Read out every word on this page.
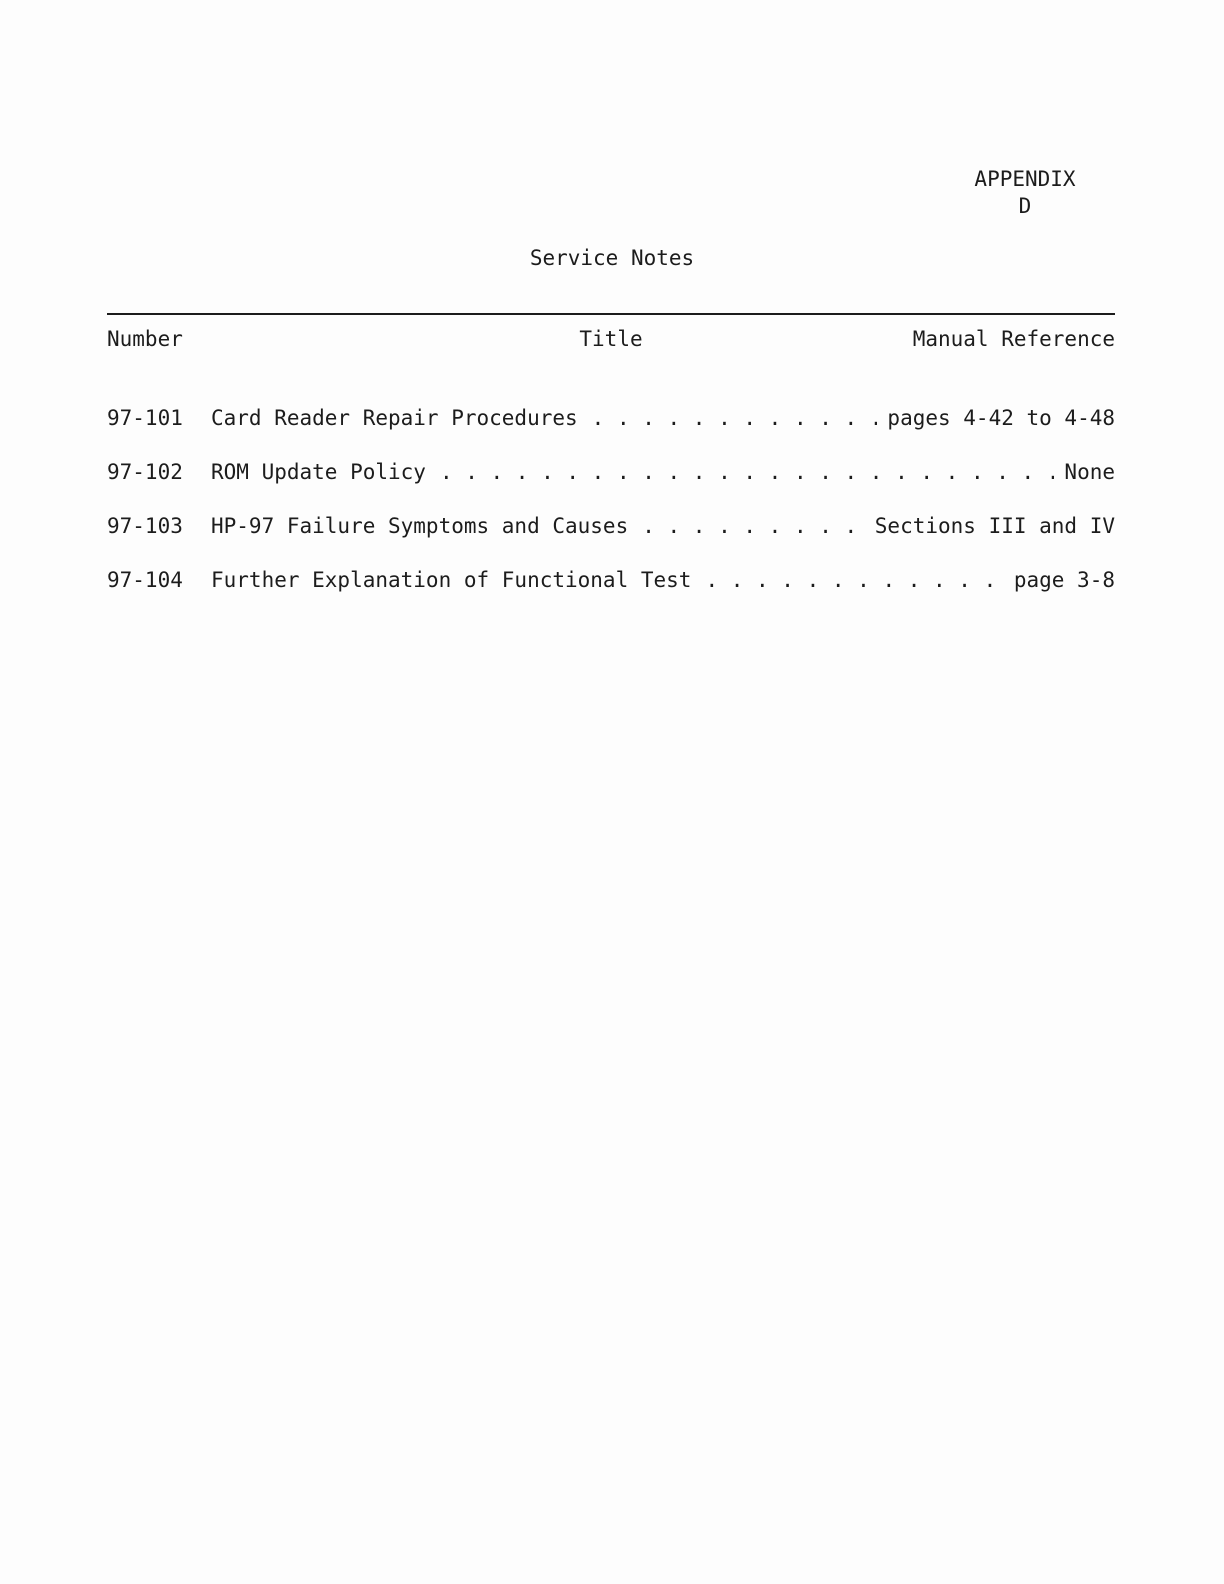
APPENDIX
D
Service Notes
Number	Title	Manual Reference
97-101	Card Reader Repair Procedures . . .	pages 4-42 to 4-48
97-102	ROM Update Policy . . .	None
97-103	HP-97 Failure Symptoms and Causes . . .	Sections III and IV
97-104	Further Explanation of Functional Test . . .	page 3-8
